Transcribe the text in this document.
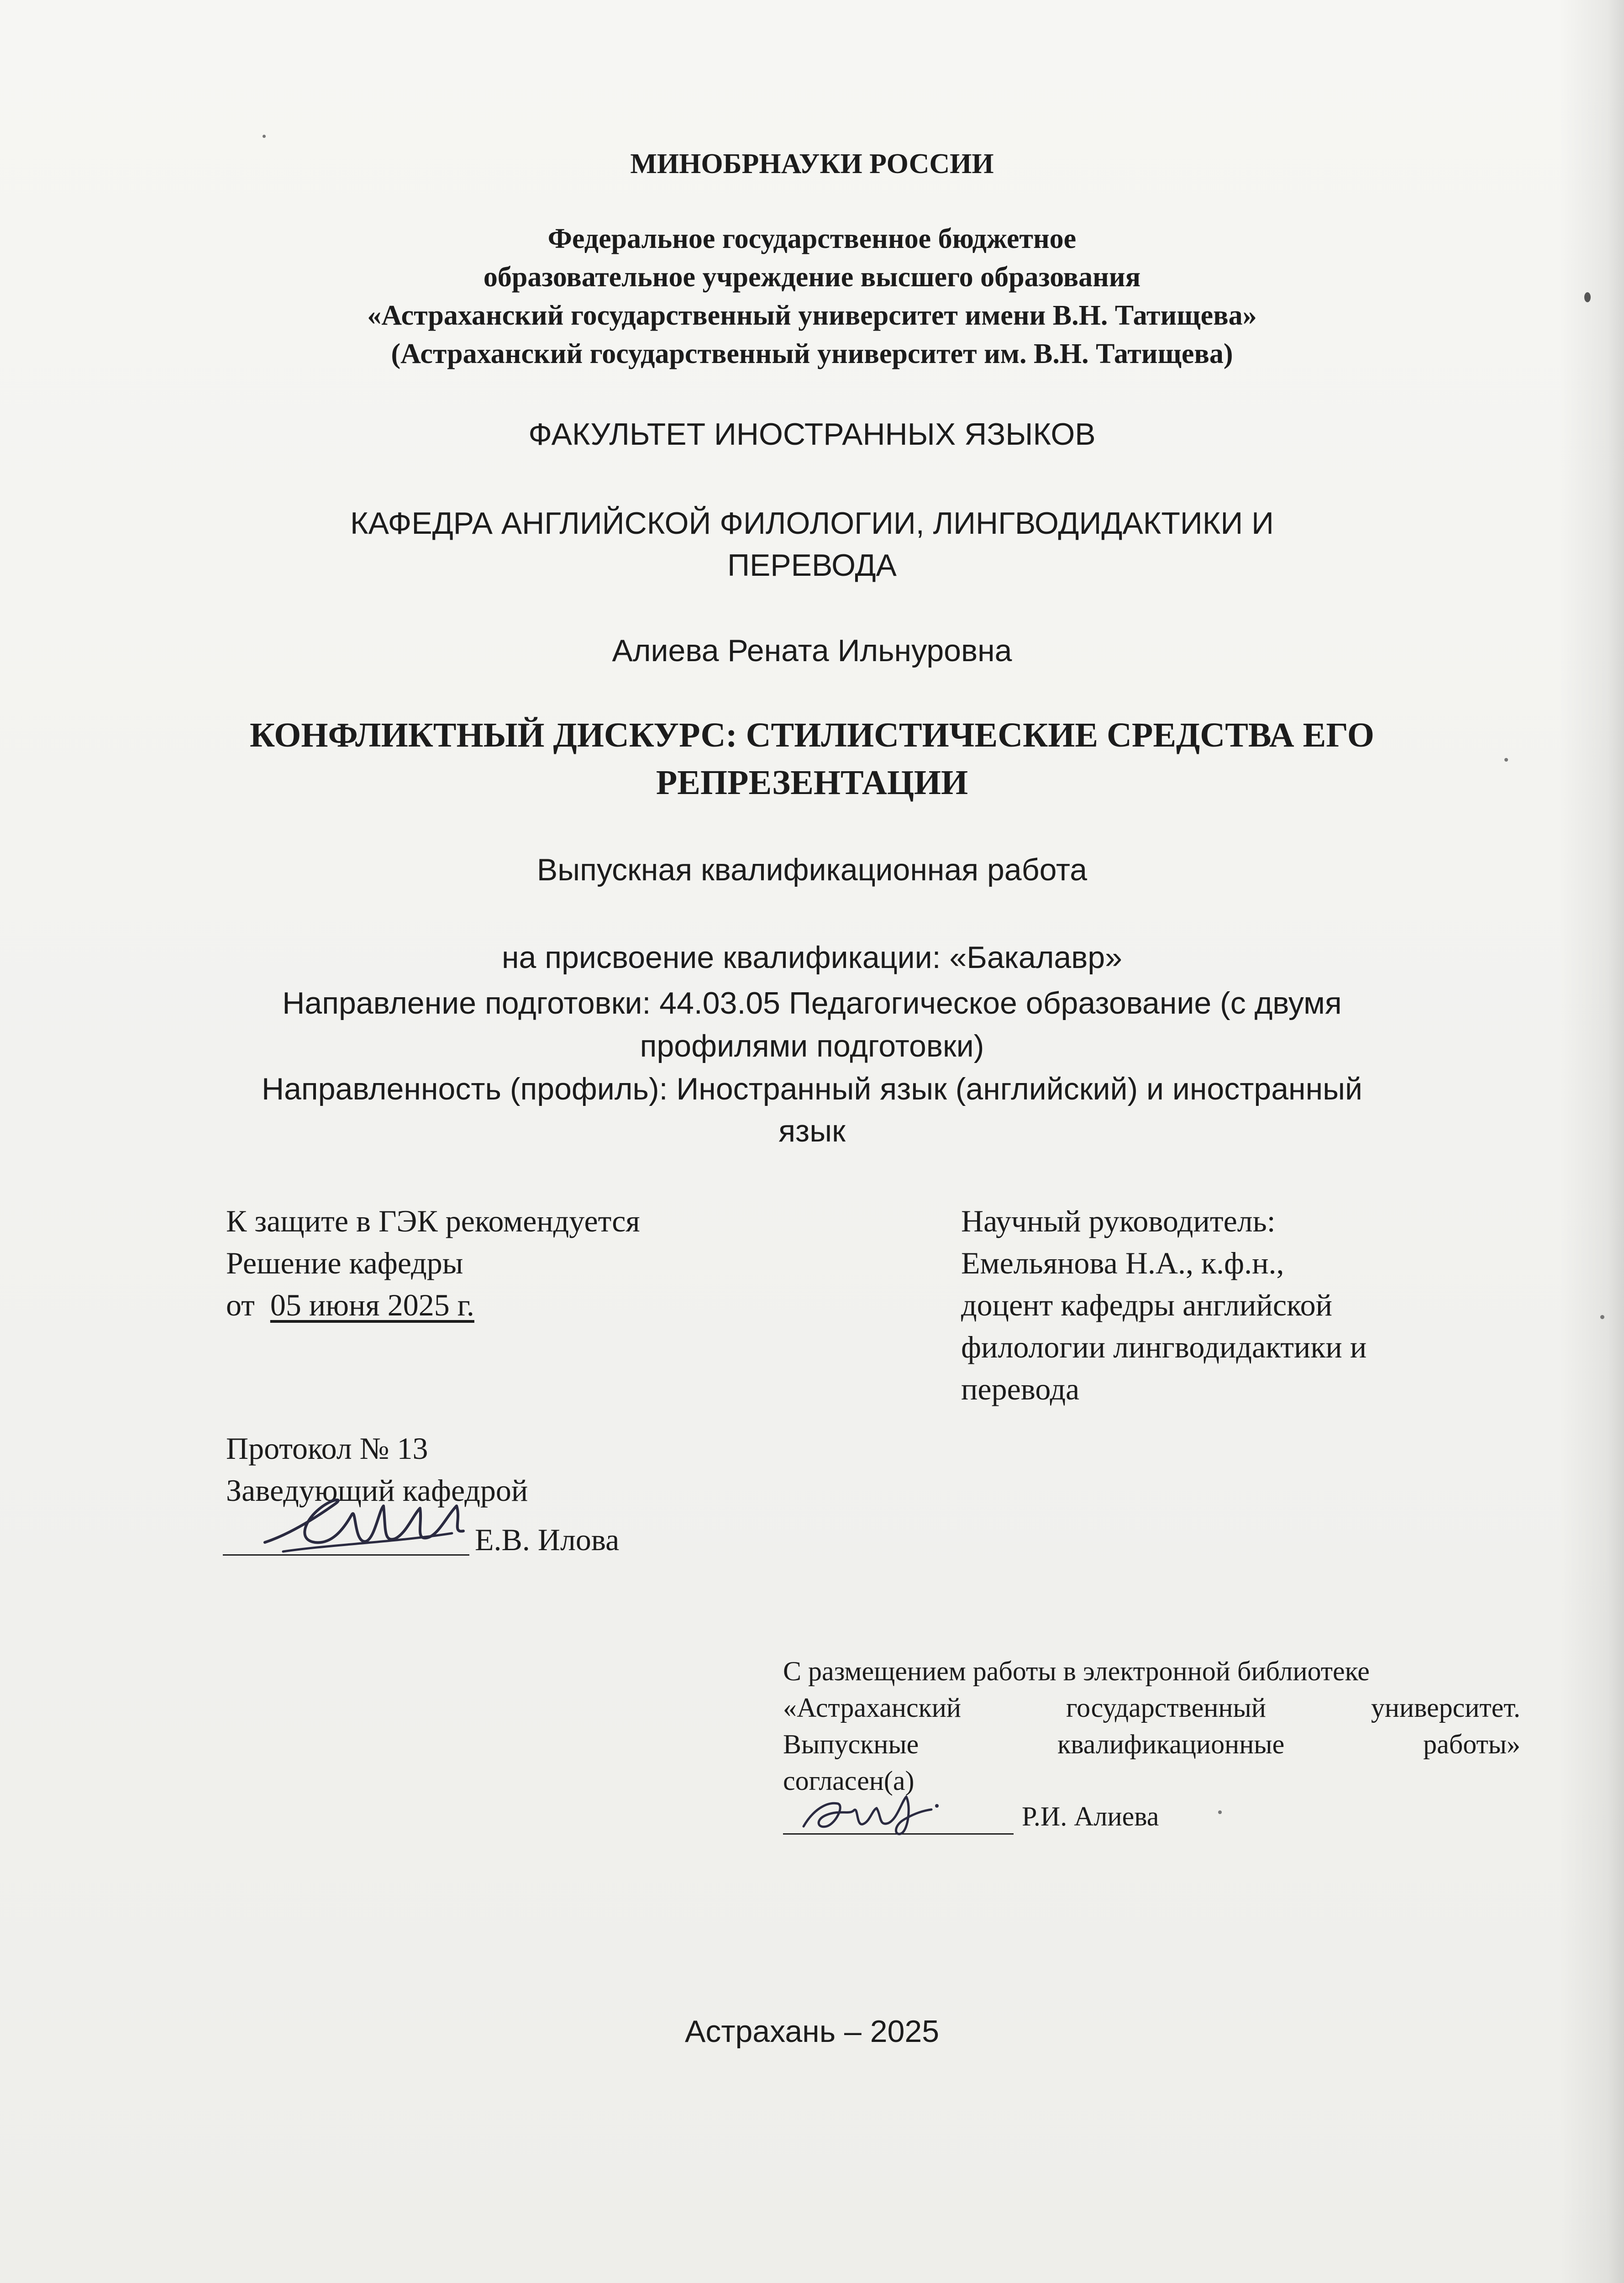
МИНОБРНАУКИ РОССИИ
Федеральное государственное бюджетное
образовательное учреждение высшего образования
«Астраханский государственный университет имени В.Н. Татищева»
(Астраханский государственный университет им. В.Н. Татищева)
ФАКУЛЬТЕТ ИНОСТРАННЫХ ЯЗЫКОВ
КАФЕДРА АНГЛИЙСКОЙ ФИЛОЛОГИИ, ЛИНГВОДИДАКТИКИ И
ПЕРЕВОДА
Алиева Рената Ильнуровна
КОНФЛИКТНЫЙ ДИСКУРС: СТИЛИСТИЧЕСКИЕ СРЕДСТВА ЕГО
РЕПРЕЗЕНТАЦИИ
Выпускная квалификационная работа
на присвоение квалификации: «Бакалавр»
Направление подготовки: 44.03.05 Педагогическое образование (с двумя
профилями подготовки)
Направленность (профиль): Иностранный язык (английский) и иностранный
язык
К защите в ГЭК рекомендуется
Решение кафедры
от 05 июня 2025 г.
Протокол № 13
Заведующий кафедрой
Е.В. Илова
Научный руководитель:
Емельянова Н.А., к.ф.н.,
доцент кафедры английской
филологии лингводидактики и
перевода
С размещением работы в электронной библиотеке
«Астраханский	государственный	университет.
Выпускные	квалификационные	работы»
согласен(а)
Р.И. Алиева
Астрахань – 2025
